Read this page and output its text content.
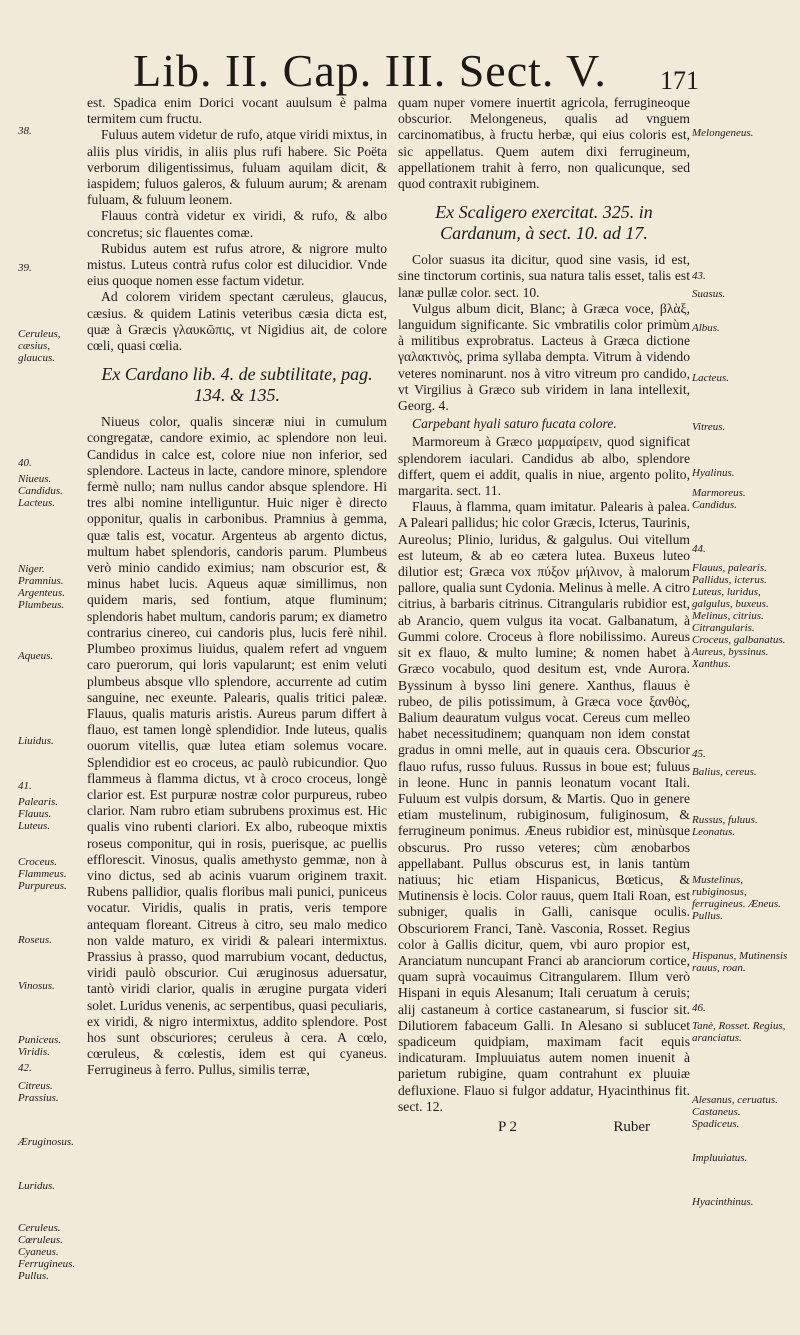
Lib. II. Cap. III. Sect. V.	171

est. Spadica enim Dorici vocant auulsum è palma termitem cum fructu.

Fuluus autem videtur de rufo, atque viridi mixtus, in aliis plus viridis, in aliis plus rufi habere. Sic Poëta verborum diligentissimus, fuluam aquilam dicit, & iaspidem; fuluos galeros, & fuluum aurum; & arenam fuluam, & fuluum leonem.

Flauus contrà videtur ex viridi, & rufo, & albo concretus; sic flauentes comæ.

Rubidus autem est rufus atrore, & nigrore multo mistus. Luteus contrà rufus color est dilucidior. Vnde eius quoque nomen esse factum videtur.

Ad colorem viridem spectant cæruleus, glaucus, cæsius. & quidem Latinis veteribus cæsia dicta est, quæ à Græcis γλαυκῶπις, vt Nigidius ait, de colore cœli, quasi cœlia.

Ex Cardano lib. 4. de subtilitate, pag. 134. & 135.

Niueus color, qualis sinceræ niui in cumulum congregatæ, candore eximio, ac splendore non leui. Candidus in calce est, colore niue non inferior, sed splendore. Lacteus in lacte, candore minore, splendore fermè nullo; nam nullus candor absque splendore. Hi tres albi nomine intelliguntur. Huic niger è directo opponitur, qualis in carbonibus. Pramnius à gemma, quæ talis est, vocatur. Argenteus ab argento dictus, multum habet splendoris, candoris parum. Plumbeus verò minio candido eximius; nam obscurior est, & minus habet lucis. Aqueus aquæ simillimus, non quidem maris, sed fontium, atque fluminum; splendoris habet multum, candoris parum; ex diametro contrarius cinereo, cui candoris plus, lucis ferè nihil. Plumbeo proximus liuidus, qualem refert ad vnguem caro puerorum, qui loris vapularunt; est enim veluti plumbeus absque vllo splendore, accurrente ad cutim sanguine, nec exeunte. Palearis, qualis tritici paleæ. Flauus, qualis maturis aristis. Aureus parum differt à flauo, est tamen longè splendidior. Inde luteus, qualis ouorum vitellis, quæ lutea etiam solemus vocare. Splendidior est eo croceus, ac paulò rubicundior. Quo flammeus à flamma dictus, vt à croco croceus, longè clarior est. Est purpuræ nostræ color purpureus, rubeo clarior. Nam rubro etiam subrubens proximus est. Hic qualis vino rubenti clariori. Ex albo, rubeoque mixtis roseus componitur, qui in rosis, puerisque, ac puellis efflorescit. Vinosus, qualis amethysto gemmæ, non à vino dictus, sed ab acinis vuarum originem traxit. Rubens pallidior, qualis floribus mali punici, puniceus vocatur. Viridis, qualis in pratis, veris tempore antequam floreant. Citreus à citro, seu malo medico non valde maturo, ex viridi & paleari intermixtus. Prassius à prasso, quod marrubium vocant, deductus, viridi paulò obscurior. Cui æruginosus aduersatur, tantò viridi clarior, qualis in ærugine purgata videri solet. Luridus venenis, ac serpentibus, quasi peculiaris, ex viridi, & nigro intermixtus, addito splendore. Post hos sunt obscuriores; ceruleus à cera. A cœlo, cœruleus, & cœlestis, idem est qui cyaneus. Ferrugineus à ferro. Pullus, similis terræ,

quam nuper vomere inuertit agricola, ferrugineoque obscurior. Melongeneus, qualis ad vnguem carcinomatibus, à fructu herbæ, qui eius coloris est, sic appellatus. Quem autem dixi ferrugineum, appellationem trahit à ferro, non qualicunque, sed quod contraxit rubiginem.

Ex Scaligero exercitat. 325. in Cardanum, à sect. 10. ad 17.

Color suasus ita dicitur, quod sine vasis, id est, sine tinctorum cortinis, sua natura talis esset, talis est lanæ pullæ color. sect. 10.

Vulgus album dicit, Blanc; à Græca voce, βλὰξ, languidum significante. Sic vmbratilis color primùm à militibus exprobratus. Lacteus à Græca dictione γαλακτινὸς, prima syllaba dempta. Vitrum à videndo veteres nominarunt. nos à vitro vitreum pro candido, vt Virgilius à Græco sub viridem in lana intellexit, Georg. 4.

Carpebant hyali saturo fucata colore.

Marmoreum à Græco μαρμαίρειν, quod significat splendorem iaculari. Candidus ab albo, splendore differt, quem ei addit, qualis in niue, argento polito, margarita. sect. 11.

Flauus, à flamma, quam imitatur. Palearis à palea. A Paleari pallidus; hic color Græcis, Icterus, Taurinis, Aureolus; Plinio, luridus, & galgulus. Oui vitellum est luteum, & ab eo cætera lutea. Buxeus luteo dilutior est; Græca vox πύξον μήλινον, à malorum pallore, qualia sunt Cydonia. Melinus à melle. A citro citrius, à barbaris citrinus. Citrangularis rubidior est, ab Arancio, quem vulgus ita vocat. Galbanatum, à Gummi colore. Croceus à flore nobilissimo. Aureus sit ex flauo, & multo lumine; & nomen habet à Græco vocabulo, quod desitum est, vnde Aurora. Byssinum à bysso lini genere. Xanthus, flauus è rubeo, de pilis potissimum, à Græca voce ξανθὸς, Balium deauratum vulgus vocat. Cereus cum melleo habet necessitudinem; quanquam non idem constat gradus in omni melle, aut in quauis cera. Obscurior flauo rufus, russo fuluus. Russus in boue est; fuluus in leone. Hunc in pannis leonatum vocant Itali. Fuluum est vulpis dorsum, & Martis. Quo in genere etiam mustelinum, rubiginosum, fuliginosum, & ferrugineum ponimus. Æneus rubidior est, minùsque obscurus. Pro russo veteres; cùm ænobarbos appellabant. Pullus obscurus est, in lanis tantùm natiuus; hic etiam Hispanicus, Bœticus, & Mutinensis è locis. Color rauus, quem Itali Roan, est subniger, qualis in Galli, canisque oculis. Obscuriorem Franci, Tanè. Vasconia, Rosset. Regius color à Gallis dicitur, quem, vbi auro propior est, Aranciatum nuncupant Franci ab aranciorum cortice, quam suprà vocauimus Citrangularem. Illum verò Hispani in equis Alesanum; Itali ceruatum à ceruis; alij castaneum à cortice castanearum, si fuscior sit. Dilutiorem fabaceum Galli. In Alesano si sublucet spadiceum quidpiam, maximam facit equis indicaturam. Impluuiatus autem nomen inuenit à parietum rubigine, quam contrahunt ex pluuiæ defluxione. Flauo si fulgor addatur, Hyacinthinus fit. sect. 12.

P 2	Ruber
38.
39.
Ceruleus, cæsius, glaucus.
40.
Niueus. Candidus. Lacteus.
Niger. Pramnius. Argenteus. Plumbeus.
Aqueus.
Liuidus.
41.
Palearis. Flauus. Luteus.
Croceus. Flammeus. Purpureus.
Roseus.
Vinosus.
Puniceus. Viridis.
42.
Citreus. Prassius.
Æruginosus.
Luridus.
Ceruleus. Cœruleus. Cyaneus. Ferrugineus. Pullus.
Melongeneus.
43.
Suasus.
Albus.
Lacteus.
Vitreus.
Hyalinus.
Marmoreus. Candidus.
44.
Flauus, palearis. Pallidus, icterus. Luteus, luridus, galgulus, buxeus. Melinus, citrius. Citrangularis. Croceus, galbanatus. Aureus, byssinus. Xanthus.
45.
Balius, cereus.
Russus, fuluus. Leonatus.
Mustelinus, rubiginosus, ferrugineus. Æneus. Pullus.
Hispanus, Mutinensis rauus, roan.
46.
Tanè, Rosset. Regius, aranciatus.
Alesanus, ceruatus. Castaneus. Spadiceus.
Impluuiatus.
Hyacinthinus.
